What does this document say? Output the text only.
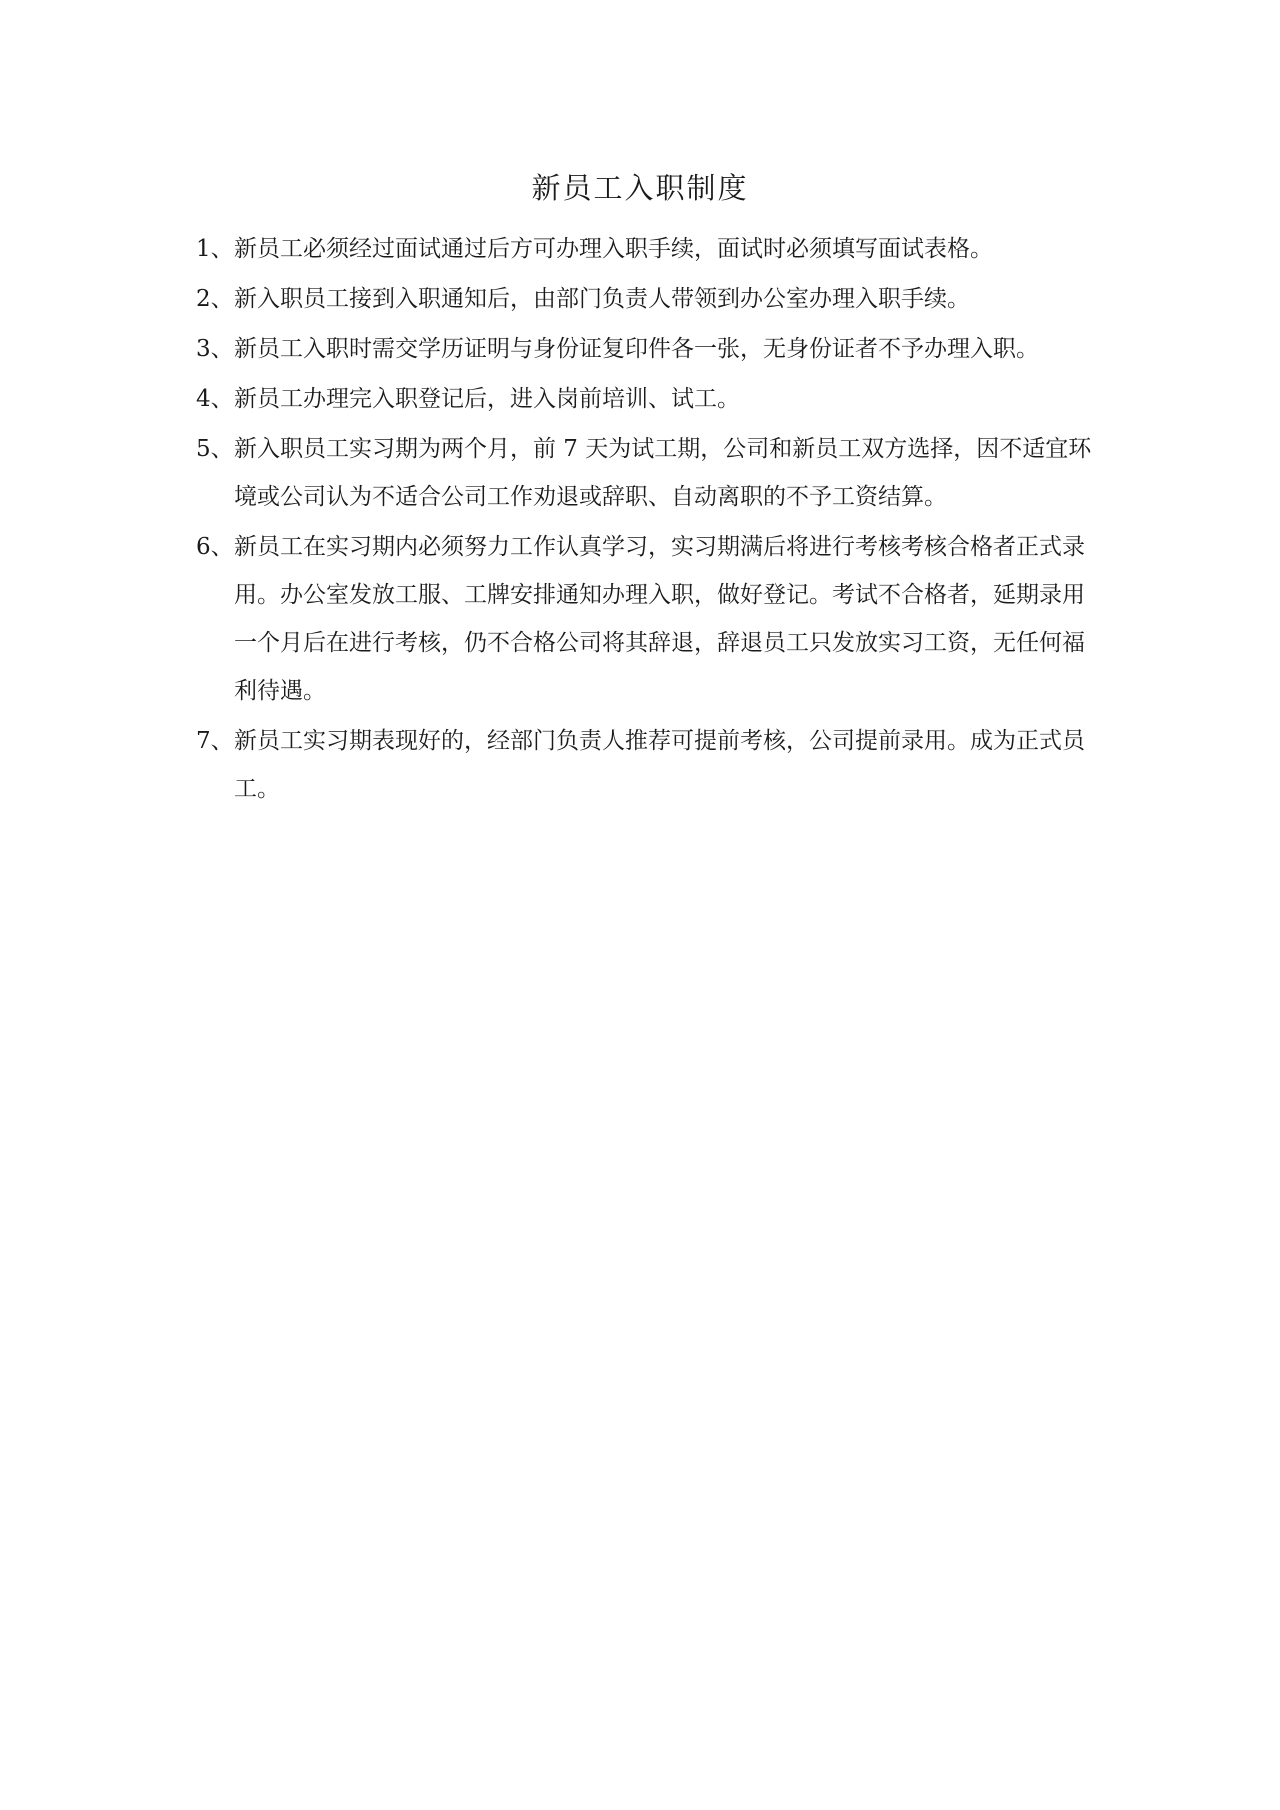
新员工入职制度
1、 新员工必须经过面试通过后方可办理入职手续，面试时必须填写面试表格。
2、 新入职员工接到入职通知后，由部门负责人带领到办公室办理入职手续。
3、 新员工入职时需交学历证明与身份证复印件各一张，无身份证者不予办理入职。
4、 新员工办理完入职登记后，进入岗前培训、试工。
5、 新入职员工实习期为两个月，前 7 天为试工期，公司和新员工双方选择，因不适宜环境或公司认为不适合公司工作劝退或辞职、自动离职的不予工资结算。
6、 新员工在实习期内必须努力工作认真学习，实习期满后将进行考核考核合格者正式录用。办公室发放工服、工牌安排通知办理入职，做好登记。考试不合格者，延期录用一个月后在进行考核，仍不合格公司将其辞退，辞退员工只发放实习工资，无任何福利待遇。
7、 新员工实习期表现好的，经部门负责人推荐可提前考核，公司提前录用。成为正式员工。
